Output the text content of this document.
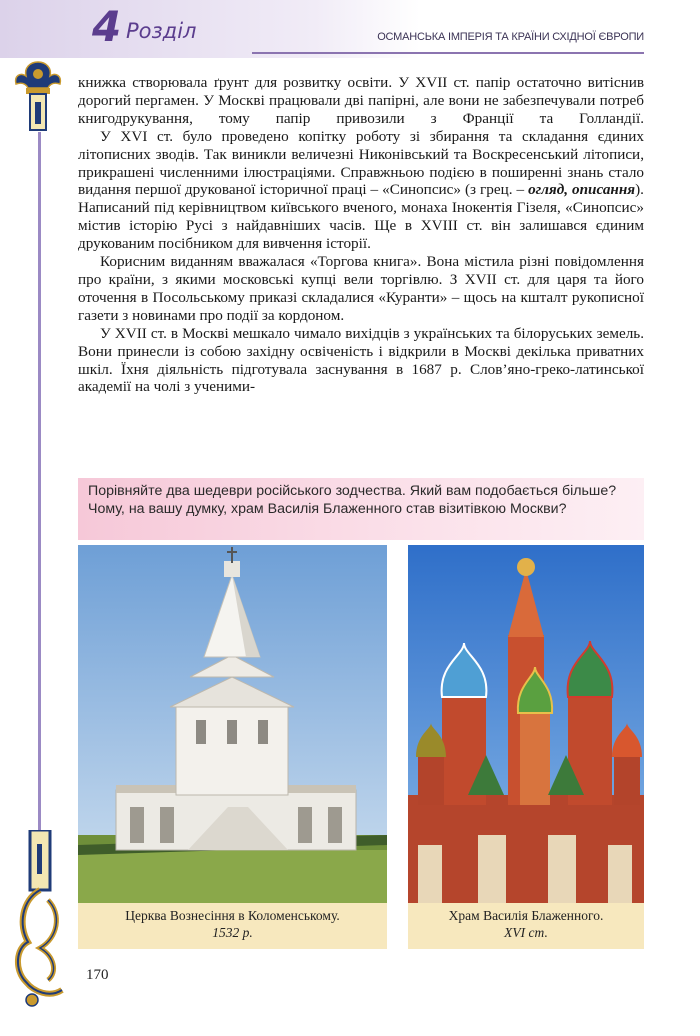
4 Розділ	ОСМАНСЬКА ІМПЕРІЯ ТА КРАЇНИ СХІДНОЇ ЄВРОПИ

книжка створювала ґрунт для розвитку освіти. У XVII ст. папір остаточно витіснив дорогий пергамен. У Москві працювали дві папірні, але вони не забезпечували потреб книгодрукування, тому папір привозили з Франції та Голландії.

У XVI ст. було проведено копітку роботу зі збирання та складання єдиних літописних зводів. Так виникли величезні Никонівський та Воскресенський літописи, прикрашені численними ілюстраціями. Справжньою подією в поширенні знань стало видання першої друкованої історичної праці – «Синопсис» (з грец. – огляд, описання). Написаний під керівництвом київського вченого, монаха Інокентія Гізеля, «Синопсис» містив історію Русі з найдавніших часів. Ще в XVIII ст. він залишався єдиним друкованим посібником для вивчення історії.

Корисним виданням вважалася «Торгова книга». Вона містила різні повідомлення про країни, з якими московські купці вели торгівлю. З XVII ст. для царя та його оточення в Посольському приказі складалися «Куранти» – щось на кшталт рукописної газети з новинами про події за кордоном.

У XVII ст. в Москві мешкало чимало вихідців з українських та білоруських земель. Вони принесли із собою західну освіченість і відкрили в Москві декілька приватних шкіл. Їхня діяльність підготувала заснування в 1687 р. Слов’яно-греко-латинської академії на чолі з ученими-

Порівняйте два шедеври російського зодчества. Який вам подобається більше? Чому, на вашу думку, храм Василія Блаженного став візитівкою Москви?
Церква Вознесіння в Коломенському.
1532 р.
Храм Василія Блаженного.
XVI ст.
170
